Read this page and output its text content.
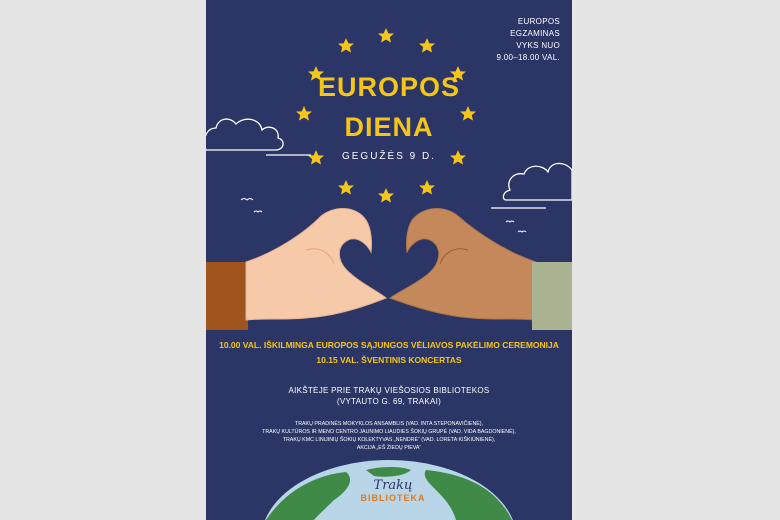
EUROPOS
EGZAMINAS
VYKS NUO
9.00–18.00 VAL.
EUROPOS
DIENA
GEGUŽĖS 9 D.
10.00 VAL. IŠKILMINGA EUROPOS SĄJUNGOS VĖLIAVOS PAKĖLIMO CEREMONIJA
10.15 VAL. ŠVENTINIS KONCERTAS
AIKŠTĖJE PRIE TRAKŲ VIEŠOSIOS BIBLIOTEKOS
(VYTAUTO G. 69, TRAKAI)
TRAKŲ PRADINĖS MOKYKLOS ANSAMBLIS (VAD. INTA STEPONAVIČIENĖ),
TRAKŲ KULTŪROS IR MENO CENTRO JAUNIMO LIAUDIES ŠOKIŲ GRUPĖ (VAD. VIDA BAGDONIENĖ),
TRAKŲ KMC LINIJINIŲ ŠOKIŲ KOLEKTYVAS „NENDRĖ“ (VAD. LORETA KIŠKIŪNIENĖ),
AKCIJA „EŠ ŽIEDŲ PIEVA“
Trakų
BIBLIOTEKA
